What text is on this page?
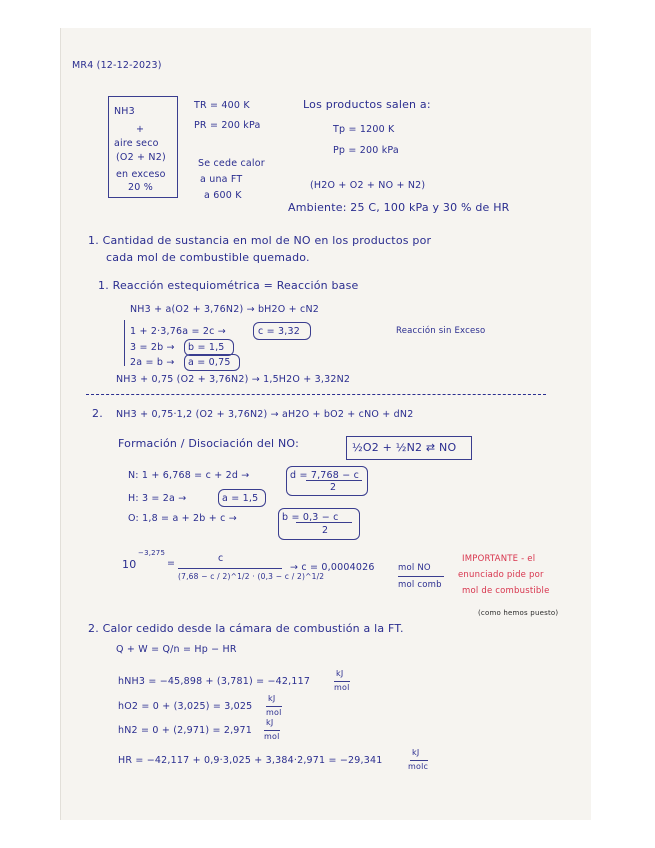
MR4 (12-12-2023)
NH3
+
aire seco
(O2 + N2)
en exceso
20 %
TR = 400 K
PR = 200 kPa
Se cede calor
a una FT
a 600 K
Los productos salen a:
Tp = 1200 K
Pp = 200 kPa
(H2O + O2 + NO + N2)
Ambiente: 25 C, 100 kPa y 30 % de HR
1. Cantidad de sustancia en mol de NO en los productos por
cada mol de combustible quemado.
1. Reacción estequiométrica = Reacción base
NH3 + a(O2 + 3,76N2) → bH2O + cN2
1 + 2·3,76a = 2c →	c = 3,32
3 = 2b → b = 1,5
2a = b → a = 0,75
Reacción sin Exceso
NH3 + 0,75 (O2 + 3,76N2) → 1,5H2O + 3,32N2
2. NH3 + 0,75·1,2 (O2 + 3,76N2) → aH2O + bO2 + cNO + dN2
Formación / Disociación del NO:	½O2 + ½N2 ⇄ NO
N: 1 + 6,768 = c + 2d →	d = 7,768 − c
2
H: 3 = 2a →	a = 1,5
O: 1,8 = a + 2b + c →	b = 0,3 − c
2
10
−3,275
=	c
(7,68 − c / 2)^1/2 · (0,3 − c / 2)^1/2
→ c = 0,0004026	mol NO
mol comb
IMPORTANTE - el
enunciado pide por
mol de combustible
(como hemos puesto)
2. Calor cedido desde la cámara de combustión a la FT.
Q + W = Q/n = Hp − HR
hNH3 = −45,898 + (3,781) = −42,117
kJ
mol
hO2 = 0 + (3,025) = 3,025
kJ
mol
hN2 = 0 + (2,971) = 2,971
kJ
mol
HR = −42,117 + 0,9·3,025 + 3,384·2,971 = −29,341
kJ
molc
